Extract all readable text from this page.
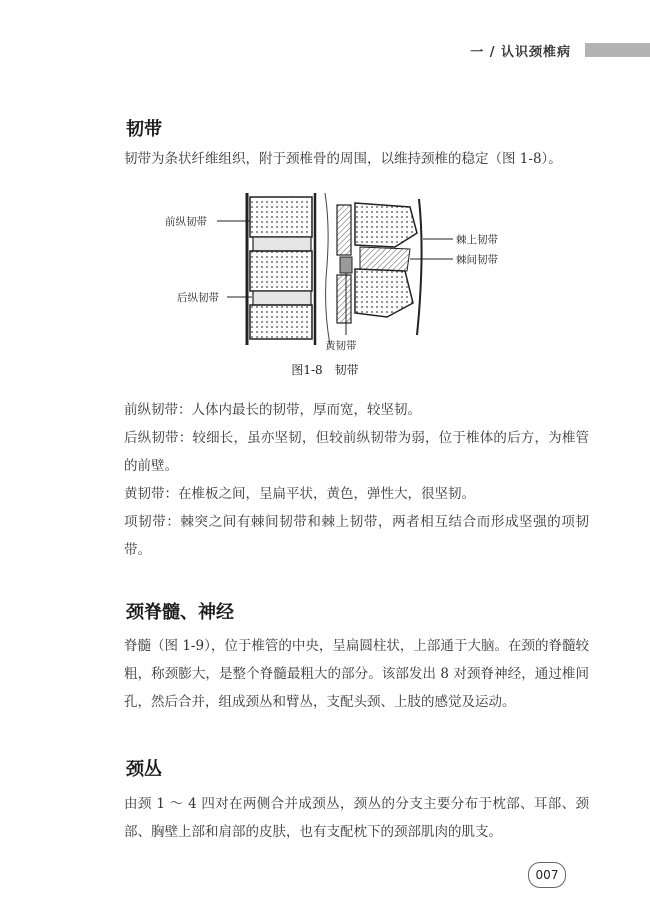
一 / 认识颈椎病
韧带
韧带为条状纤维组织，附于颈椎骨的周围，以维持颈椎的稳定（图 1-8）。
前纵韧带
后纵韧带
棘上韧带
棘间韧带
黄韧带
图1-8 韧带
前纵韧带：人体内最长的韧带，厚而宽，较坚韧。
后纵韧带：较细长，虽亦坚韧，但较前纵韧带为弱，位于椎体的后方，为椎管的前壁。
黄韧带：在椎板之间，呈扁平状，黄色，弹性大，很坚韧。
项韧带：棘突之间有棘间韧带和棘上韧带，两者相互结合而形成坚强的项韧带。
颈脊髓、神经
脊髓（图 1-9），位于椎管的中央，呈扁圆柱状，上部通于大脑。在颈的脊髓较粗，称颈膨大，是整个脊髓最粗大的部分。该部发出 8 对颈脊神经，通过椎间孔，然后合并，组成颈丛和臂丛，支配头颈、上肢的感觉及运动。
颈丛
由颈 1 ～ 4 四对在两侧合并成颈丛，颈丛的分支主要分布于枕部、耳部、颈部、胸壁上部和肩部的皮肤，也有支配枕下的颈部肌肉的肌支。
007
